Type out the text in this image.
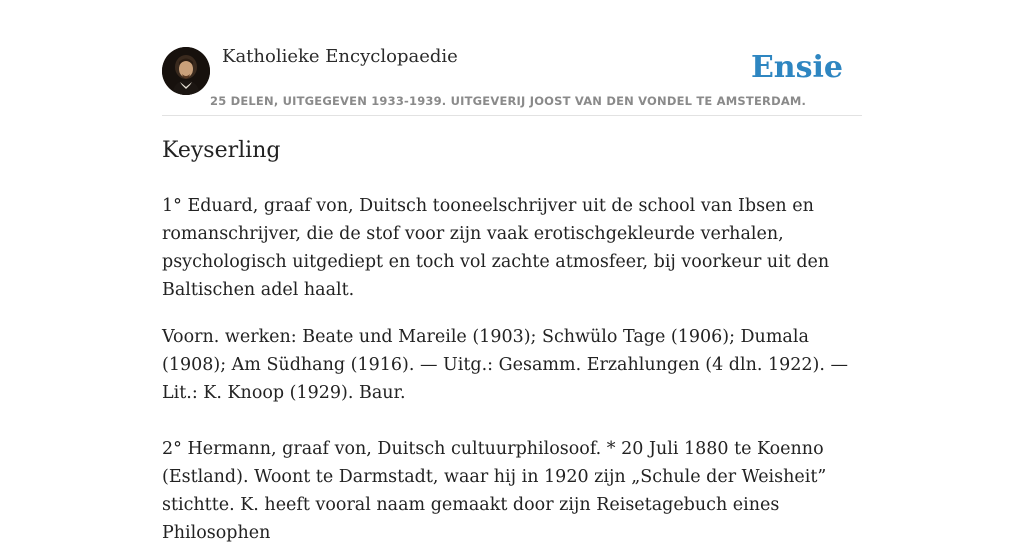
Katholieke Encyclopaedie	Ensie
25 DELEN, UITGEGEVEN 1933-1939. UITGEVERIJ JOOST VAN DEN VONDEL TE AMSTERDAM.
Keyserling

1° Eduard, graaf von, Duitsch tooneelschrijver uit de school van Ibsen en romanschrijver, die de stof voor zijn vaak erotischgekleurde verhalen, psychologisch uitgediept en toch vol zachte atmosfeer, bij voorkeur uit den Baltischen adel haalt.

Voorn. werken: Beate und Mareile (1903); Schwülo Tage (1906); Dumala (1908); Am Südhang (1916). — Uitg.: Gesamm. Erzahlungen (4 dln. 1922). — Lit.: K. Knoop (1929). Baur.

2° Hermann, graaf von, Duitsch cultuurphilosoof. * 20 Juli 1880 te Koenno (Estland). Woont te Darmstadt, waar hij in 1920 zijn „Schule der Weisheit” stichtte. K. heeft vooral naam gemaakt door zijn Reisetagebuch eines Philosophen
